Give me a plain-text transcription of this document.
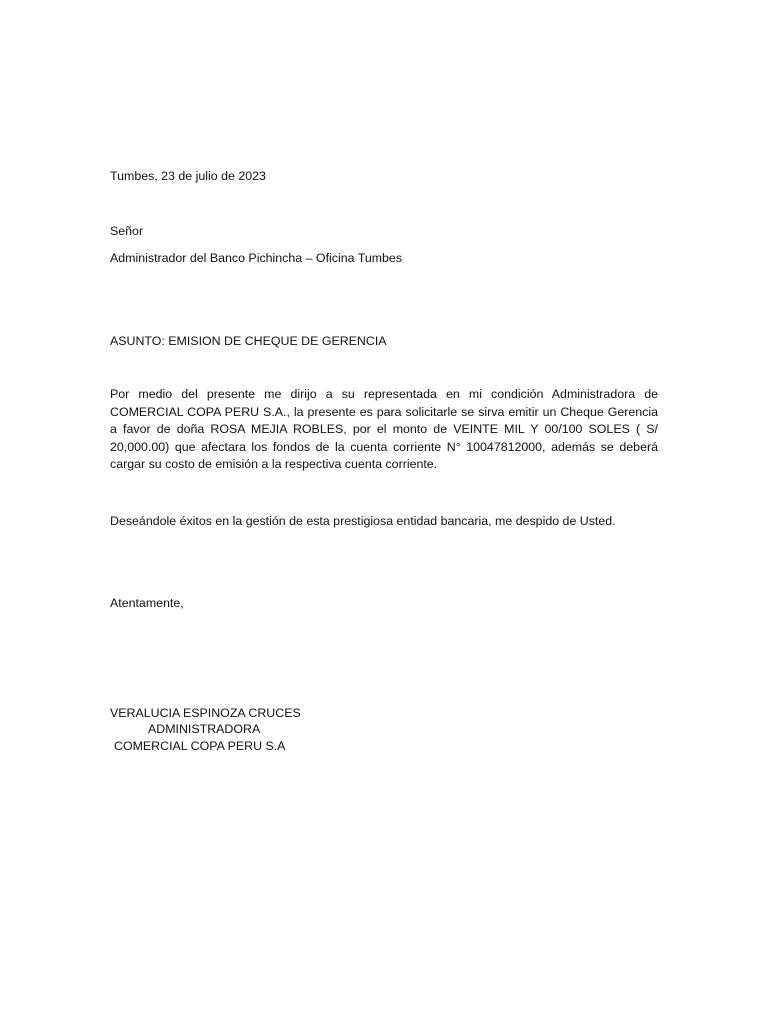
Tumbes, 23 de julio de 2023
Señor
Administrador del Banco Pichincha – Oficina Tumbes
ASUNTO: EMISION DE CHEQUE DE GERENCIA
Por medio del presente me dirijo a su representada en mi condición Administradora de COMERCIAL COPA PERU S.A., la presente es para solicitarle se sirva emitir un Cheque Gerencia a favor de doña ROSA MEJIA ROBLES, por el monto de VEINTE MIL Y 00/100 SOLES ( S/ 20,000.00) que afectara los fondos de la cuenta corriente N° 10047812000, además se deberá cargar su costo de emisión a la respectiva cuenta corriente.
Deseándole éxitos en la gestión de esta prestigiosa entidad bancaria, me despido de Usted.
Atentamente,
VERALUCIA ESPINOZA CRUCES
ADMINISTRADORA
COMERCIAL COPA PERU S.A
